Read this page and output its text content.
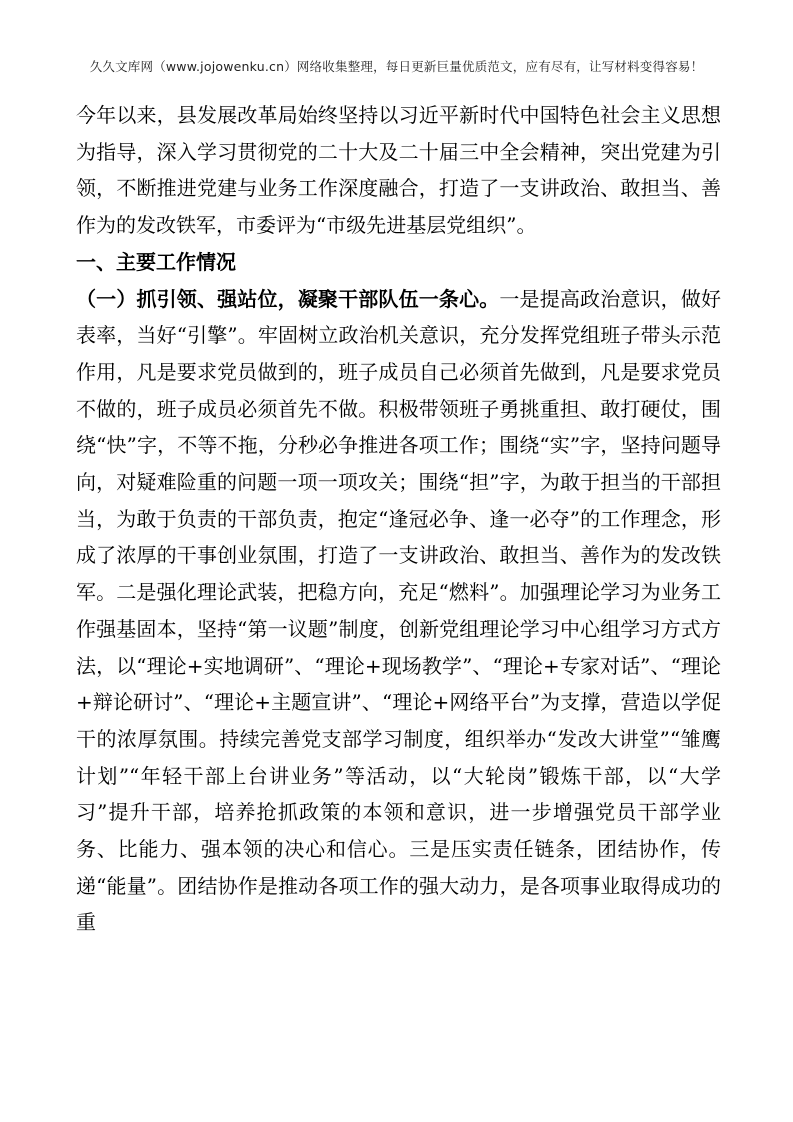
久久文库网（www.jojowenku.cn）网络收集整理，每日更新巨量优质范文，应有尽有，让写材料变得容易！

今年以来，县发展改革局始终坚持以习近平新时代中国特色社会主义思想为指导，深入学习贯彻党的二十大及二十届三中全会精神，突出党建为引领，不断推进党建与业务工作深度融合，打造了一支讲政治、敢担当、善作为的发改铁军，市委评为“市级先进基层党组织”。

一、主要工作情况

（一）抓引领、强站位，凝聚干部队伍一条心。一是提高政治意识，做好表率，当好“引擎”。牢固树立政治机关意识，充分发挥党组班子带头示范作用，凡是要求党员做到的，班子成员自己必须首先做到，凡是要求党员不做的，班子成员必须首先不做。积极带领班子勇挑重担、敢打硬仗，围绕“快”字，不等不拖，分秒必争推进各项工作；围绕“实”字，坚持问题导向，对疑难险重的问题一项一项攻关；围绕“担”字，为敢于担当的干部担当，为敢于负责的干部负责，抱定“逢冠必争、逢一必夺”的工作理念，形成了浓厚的干事创业氛围，打造了一支讲政治、敢担当、善作为的发改铁军。二是强化理论武装，把稳方向，充足“燃料”。加强理论学习为业务工作强基固本，坚持“第一议题”制度，创新党组理论学习中心组学习方式方法，以“理论+实地调研”、“理论+现场教学”、“理论+专家对话”、“理论+辩论研讨”、“理论+主题宣讲”、“理论+网络平台”为支撑，营造以学促干的浓厚氛围。持续完善党支部学习制度，组织举办“发改大讲堂”“雏鹰计划”“年轻干部上台讲业务”等活动，以“大轮岗”锻炼干部，以“大学习”提升干部，培养抢抓政策的本领和意识，进一步增强党员干部学业务、比能力、强本领的决心和信心。三是压实责任链条，团结协作，传递“能量”。团结协作是推动各项工作的强大动力，是各项事业取得成功的重
